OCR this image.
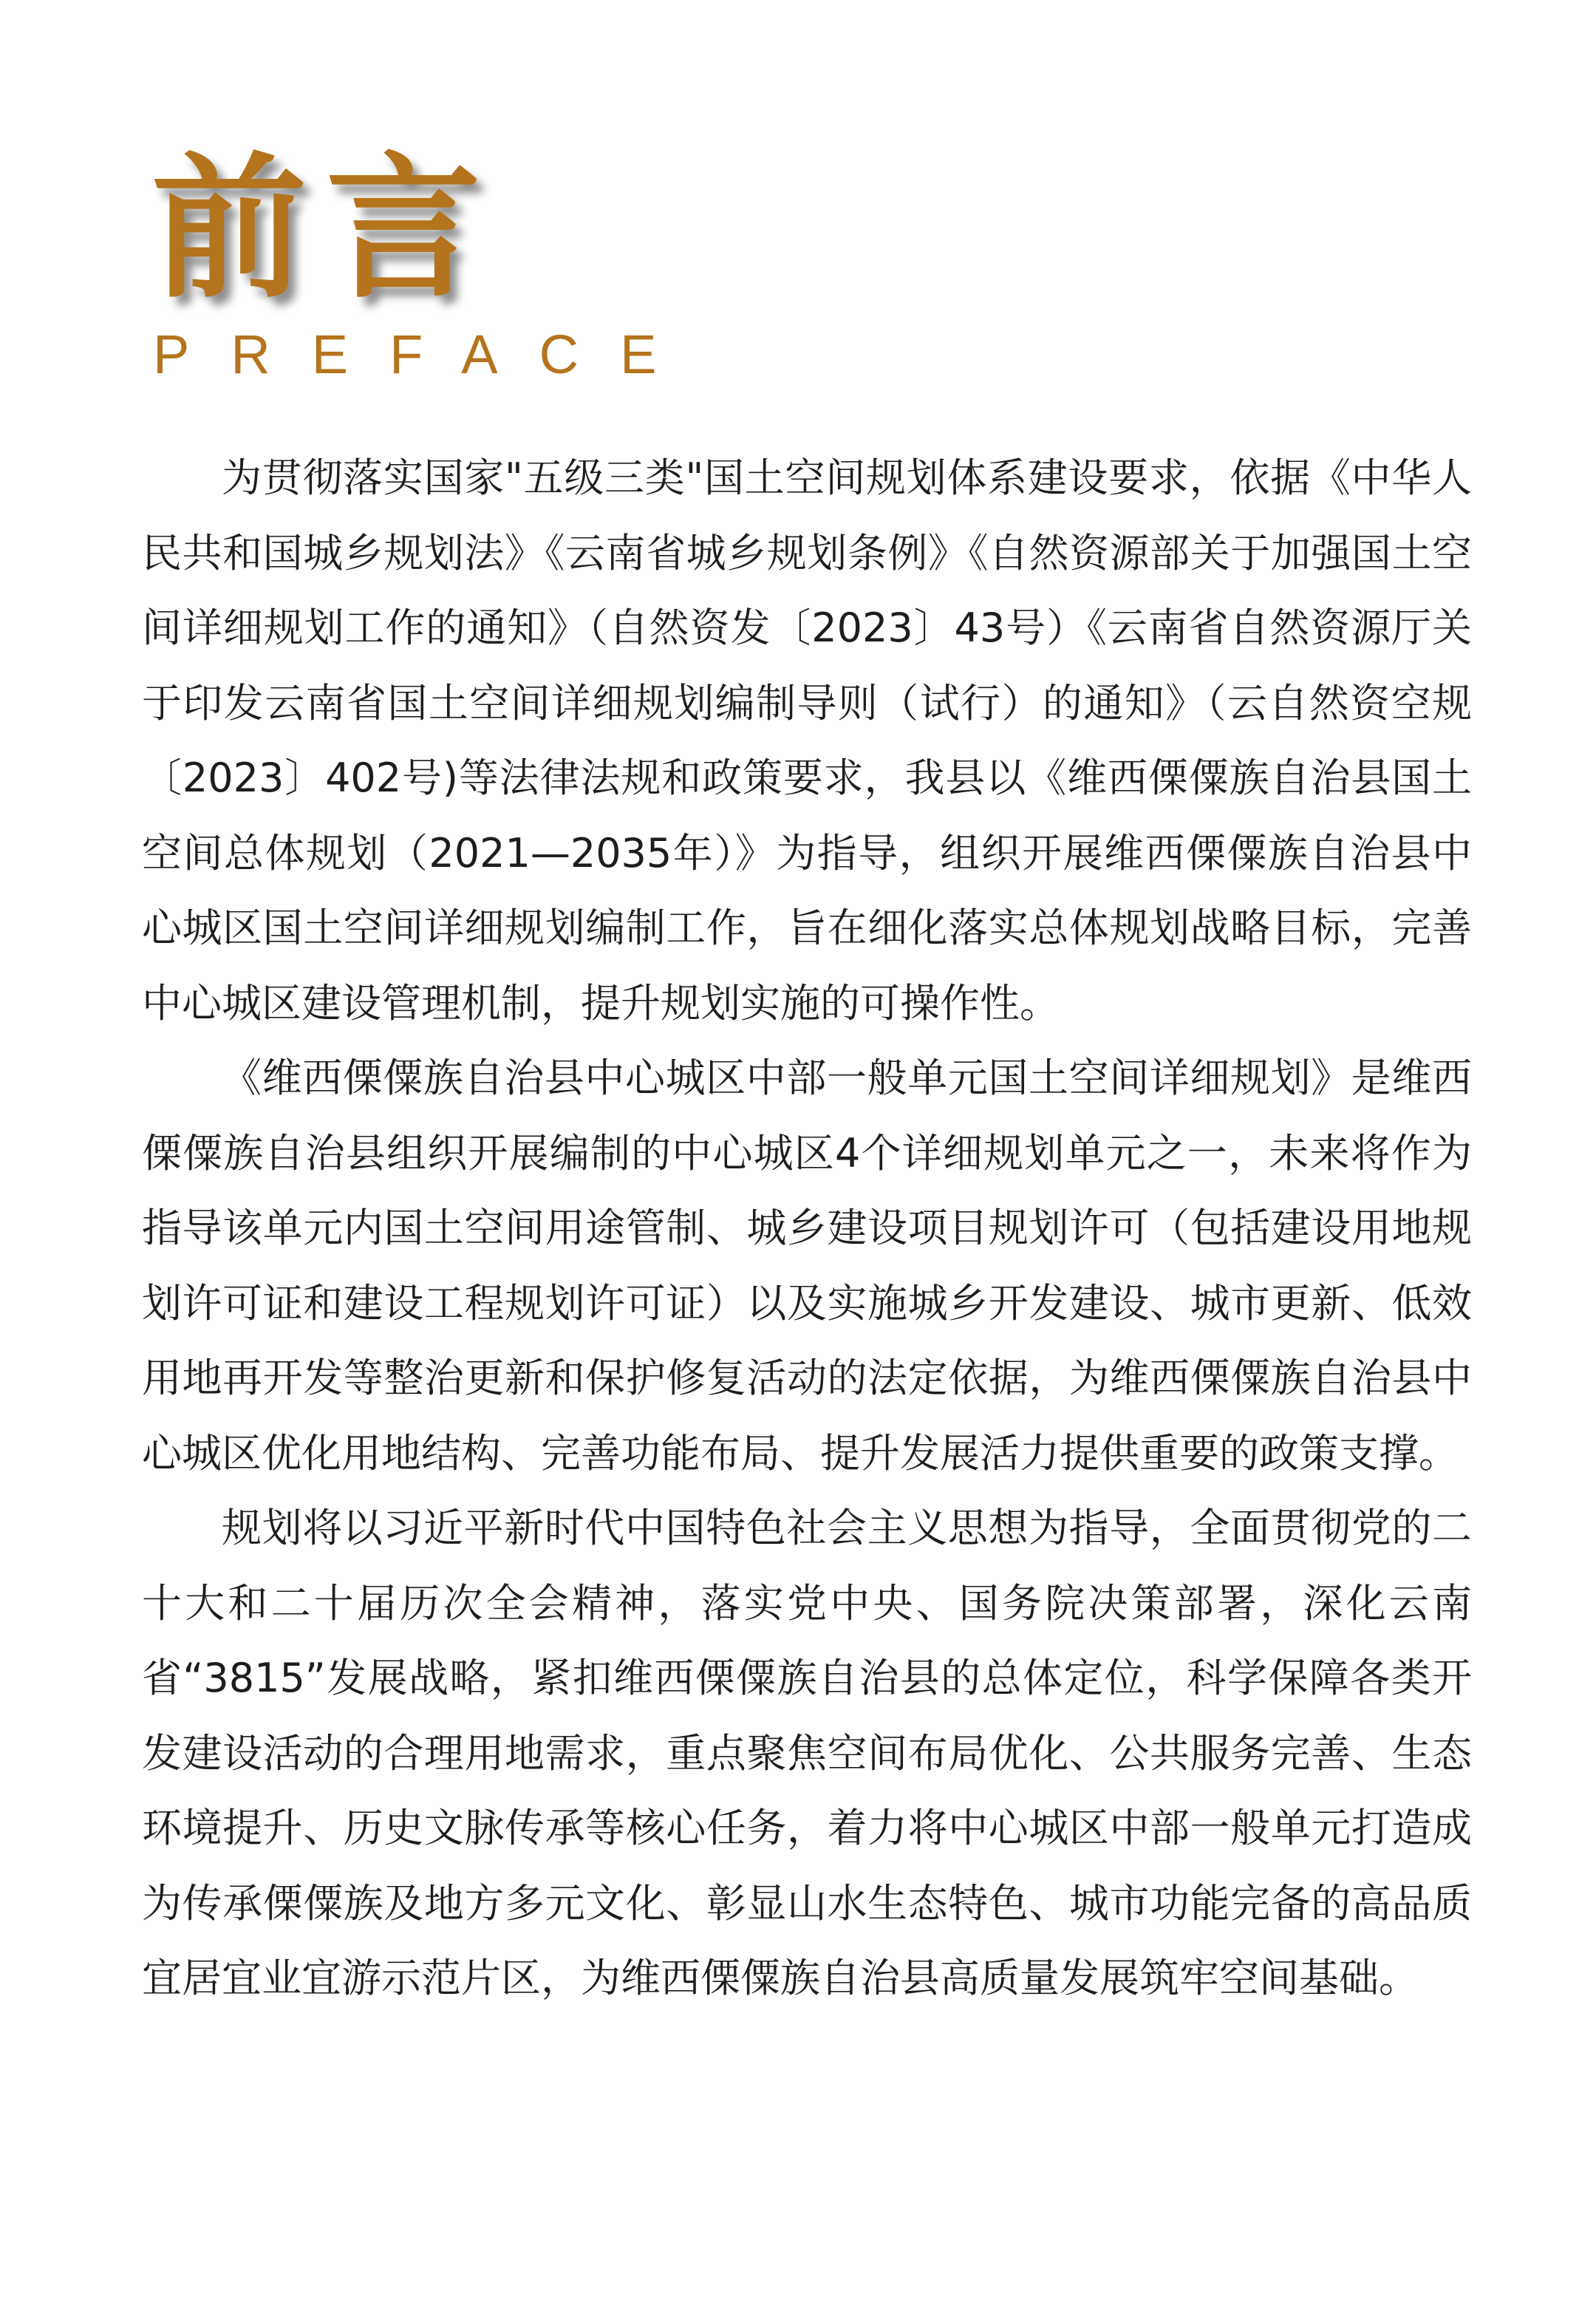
前言
PREFACE

为贯彻落实国家"五级三类"国土空间规划体系建设要求，依据《中华人民共和国城乡规划法》《云南省城乡规划条例》《自然资源部关于加强国土空间详细规划工作的通知》（自然资发〔2023〕43号）《云南省自然资源厅关于印发云南省国土空间详细规划编制导则（试行）的通知》（云自然资空规〔2023〕402号)等法律法规和政策要求，我县以《维西傈僳族自治县国土空间总体规划（2021—2035年）》为指导，组织开展维西傈僳族自治县中心城区国土空间详细规划编制工作，旨在细化落实总体规划战略目标，完善中心城区建设管理机制，提升规划实施的可操作性。

《维西傈僳族自治县中心城区中部一般单元国土空间详细规划》是维西傈僳族自治县组织开展编制的中心城区4个详细规划单元之一，未来将作为指导该单元内国土空间用途管制、城乡建设项目规划许可（包括建设用地规划许可证和建设工程规划许可证）以及实施城乡开发建设、城市更新、低效用地再开发等整治更新和保护修复活动的法定依据，为维西傈僳族自治县中心城区优化用地结构、完善功能布局、提升发展活力提供重要的政策支撑。

规划将以习近平新时代中国特色社会主义思想为指导，全面贯彻党的二十大和二十届历次全会精神，落实党中央、国务院决策部署，深化云南省“3815”发展战略，紧扣维西傈僳族自治县的总体定位，科学保障各类开发建设活动的合理用地需求，重点聚焦空间布局优化、公共服务完善、生态环境提升、历史文脉传承等核心任务，着力将中心城区中部一般单元打造成为传承傈僳族及地方多元文化、彰显山水生态特色、城市功能完备的高品质宜居宜业宜游示范片区，为维西傈僳族自治县高质量发展筑牢空间基础。
